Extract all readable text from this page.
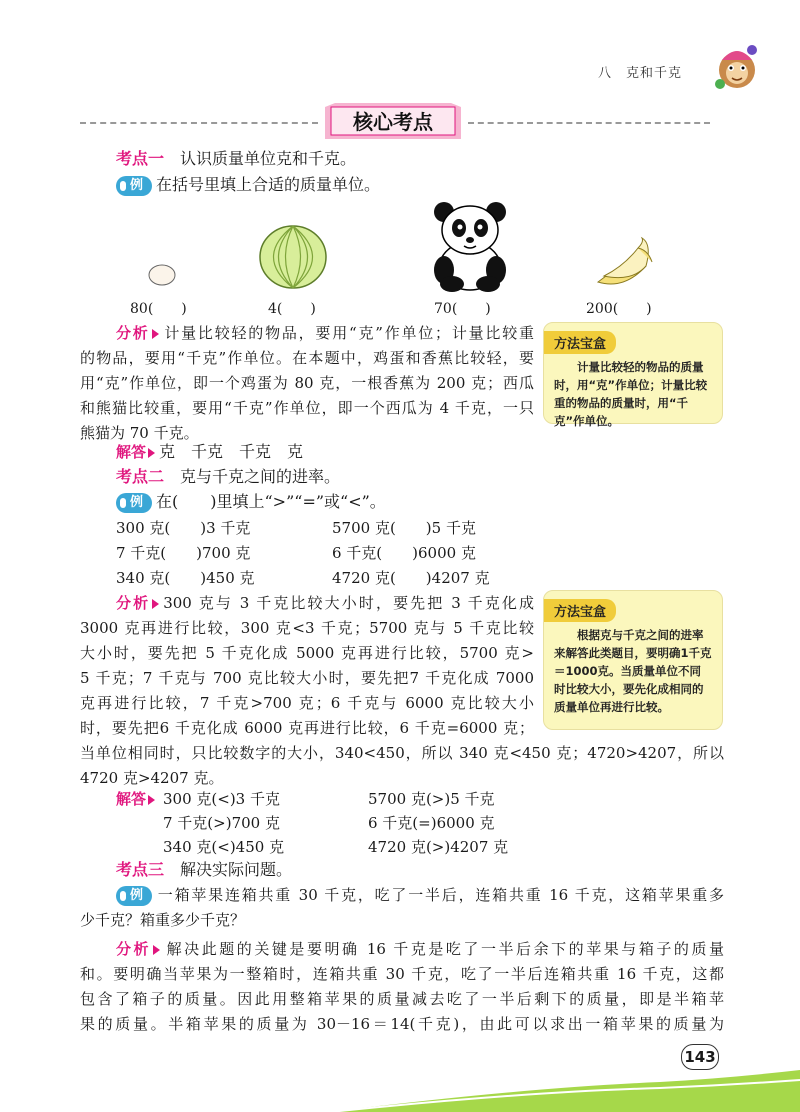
八　克和千克
核心考点
考点一　 认识质量单位克和千克。
例 在括号里填上合适的质量单位。
80(　　)	4(　　)	70(　　)	200(　　)
分析 计量比较轻的物品，要用“克”作单位；计量比较重
的物品，要用“千克”作单位。在本题中，鸡蛋和香蕉比较轻，要
用“克”作单位，即一个鸡蛋为 80 克，一根香蕉为 200 克；西瓜
和熊猫比较重，要用“千克”作单位，即一个西瓜为 4 千克，一只
熊猫为 70 千克。
方法宝盒
计量比较轻的物品的质量时，用“克”作单位；计量比较重的物品的质量时，用“千克”作单位。
解答 克　千克　千克　克
考点二　 克与千克之间的进率。
例 在(　　)里填上“>”“=”或“<”。
300 克(　　)3 千克	5700 克(　　)5 千克
7 千克(　　)700 克	6 千克(　　)6000 克
340 克(　　)450 克	4720 克(　　)4207 克
分析 300 克与 3 千克比较大小时，要先把 3 千克化成
3000 克再进行比较，300 克<3 千克；5700 克与 5 千克比较
大小时，要先把 5 千克化成 5000 克再进行比较，5700 克>
5 千克；7 千克与 700 克比较大小时，要先把7 千克化成 7000
克再进行比较，7 千克>700 克；6 千克与 6000 克比较大小
时，要先把6 千克化成 6000 克再进行比较，6 千克=6000 克；
当单位相同时，只比较数字的大小，340<450，所以 340 克<450 克；4720>4207，所以
4720 克>4207 克。
方法宝盒
根据克与千克之间的进率来解答此类题目，要明确1千克＝1000克。当质量单位不同时比较大小，要先化成相同的质量单位再进行比较。
解答	300 克(<)3 千克	5700 克(>)5 千克
7 千克(>)700 克	6 千克(=)6000 克
340 克(<)450 克	4720 克(>)4207 克
考点三　 解决实际问题。
例 一箱苹果连箱共重 30 千克，吃了一半后，连箱共重 16 千克，这箱苹果重多
少千克？箱重多少千克？
分析 解决此题的关键是要明确 16 千克是吃了一半后余下的苹果与箱子的质量
和。要明确当苹果为一整箱时，连箱共重 30 千克，吃了一半后连箱共重 16 千克，这都
包含了箱子的质量。因此用整箱苹果的质量减去吃了一半后剩下的质量，即是半箱苹
果的质量。半箱苹果的质量为 30－16＝14(千克)，由此可以求出一箱苹果的质量为
143
